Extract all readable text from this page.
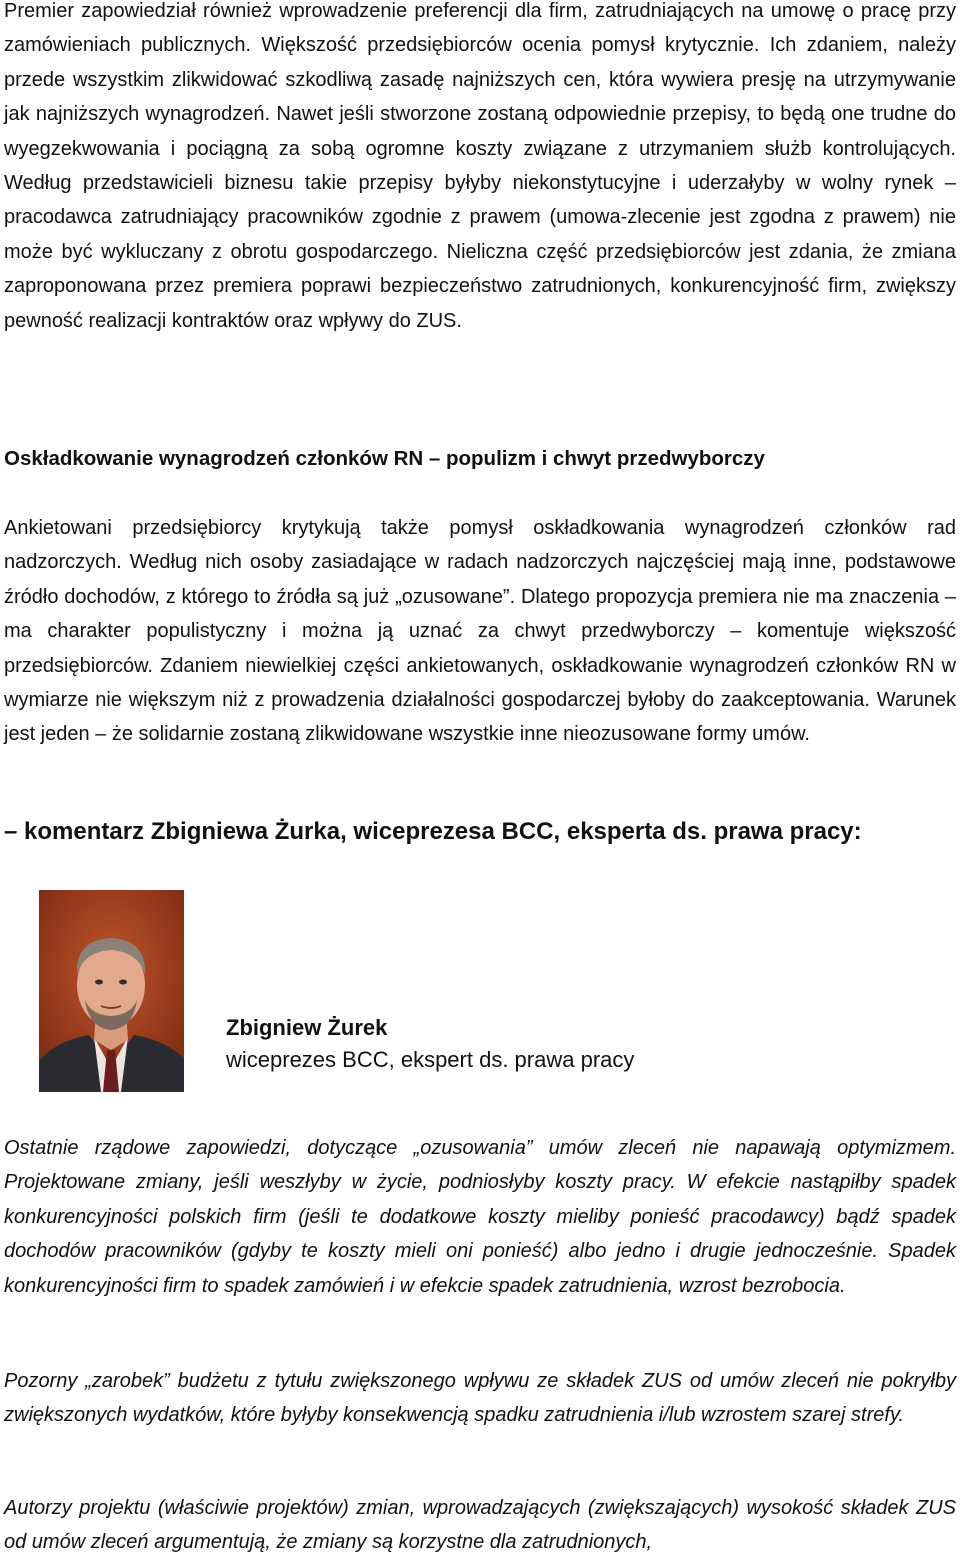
Premier zapowiedział również wprowadzenie preferencji dla firm, zatrudniających na umowę o pracę przy zamówieniach publicznych. Większość przedsiębiorców ocenia pomysł krytycznie. Ich zdaniem, należy przede wszystkim zlikwidować szkodliwą zasadę najniższych cen, która wywiera presję na utrzymywanie jak najniższych wynagrodzeń. Nawet jeśli stworzone zostaną odpowiednie przepisy, to będą one trudne do wyegzekwowania i pociągną za sobą ogromne koszty związane z utrzymaniem służb kontrolujących. Według przedstawicieli biznesu takie przepisy byłyby niekonstytucyjne i uderzałyby w wolny rynek – pracodawca zatrudniający pracowników zgodnie z prawem (umowa-zlecenie jest zgodna z prawem) nie może być wykluczany z obrotu gospodarczego. Nieliczna część przedsiębiorców jest zdania, że zmiana zaproponowana przez premiera poprawi bezpieczeństwo zatrudnionych, konkurencyjność firm, zwiększy pewność realizacji kontraktów oraz wpływy do ZUS.

Oskładkowanie wynagrodzeń członków RN – populizm i chwyt przedwyborczy

Ankietowani przedsiębiorcy krytykują także pomysł oskładkowania wynagrodzeń członków rad nadzorczych. Według nich osoby zasiadające w radach nadzorczych najczęściej mają inne, podstawowe źródło dochodów, z którego to źródła są już „ozusowane”. Dlatego propozycja premiera nie ma znaczenia – ma charakter populistyczny i można ją uznać za chwyt przedwyborczy – komentuje większość przedsiębiorców. Zdaniem niewielkiej części ankietowanych, oskładkowanie wynagrodzeń członków RN w wymiarze nie większym niż z prowadzenia działalności gospodarczej byłoby do zaakceptowania. Warunek jest jeden – że solidarnie zostaną zlikwidowane wszystkie inne nieozusowane formy umów.

– komentarz Zbigniewa Żurka, wiceprezesa BCC, eksperta ds. prawa pracy:

Zbigniew Żurek
wiceprezes BCC, ekspert ds. prawa pracy

Ostatnie rządowe zapowiedzi, dotyczące „ozusowania” umów zleceń nie napawają optymizmem. Projektowane zmiany, jeśli weszłyby w życie, podniosłyby koszty pracy. W efekcie nastąpiłby spadek konkurencyjności polskich firm (jeśli te dodatkowe koszty mieliby ponieść pracodawcy) bądź spadek dochodów pracowników (gdyby te koszty mieli oni ponieść) albo jedno i drugie jednocześnie. Spadek konkurencyjności firm to spadek zamówień i w efekcie spadek zatrudnienia, wzrost bezrobocia.

Pozorny „zarobek” budżetu z tytułu zwiększonego wpływu ze składek ZUS od umów zleceń nie pokryłby zwiększonych wydatków, które byłyby konsekwencją spadku zatrudnienia i/lub wzrostem szarej strefy.

Autorzy projektu (właściwie projektów) zmian, wprowadzających (zwiększających) wysokość składek ZUS od umów zleceń argumentują, że zmiany są korzystne dla zatrudnionych,
